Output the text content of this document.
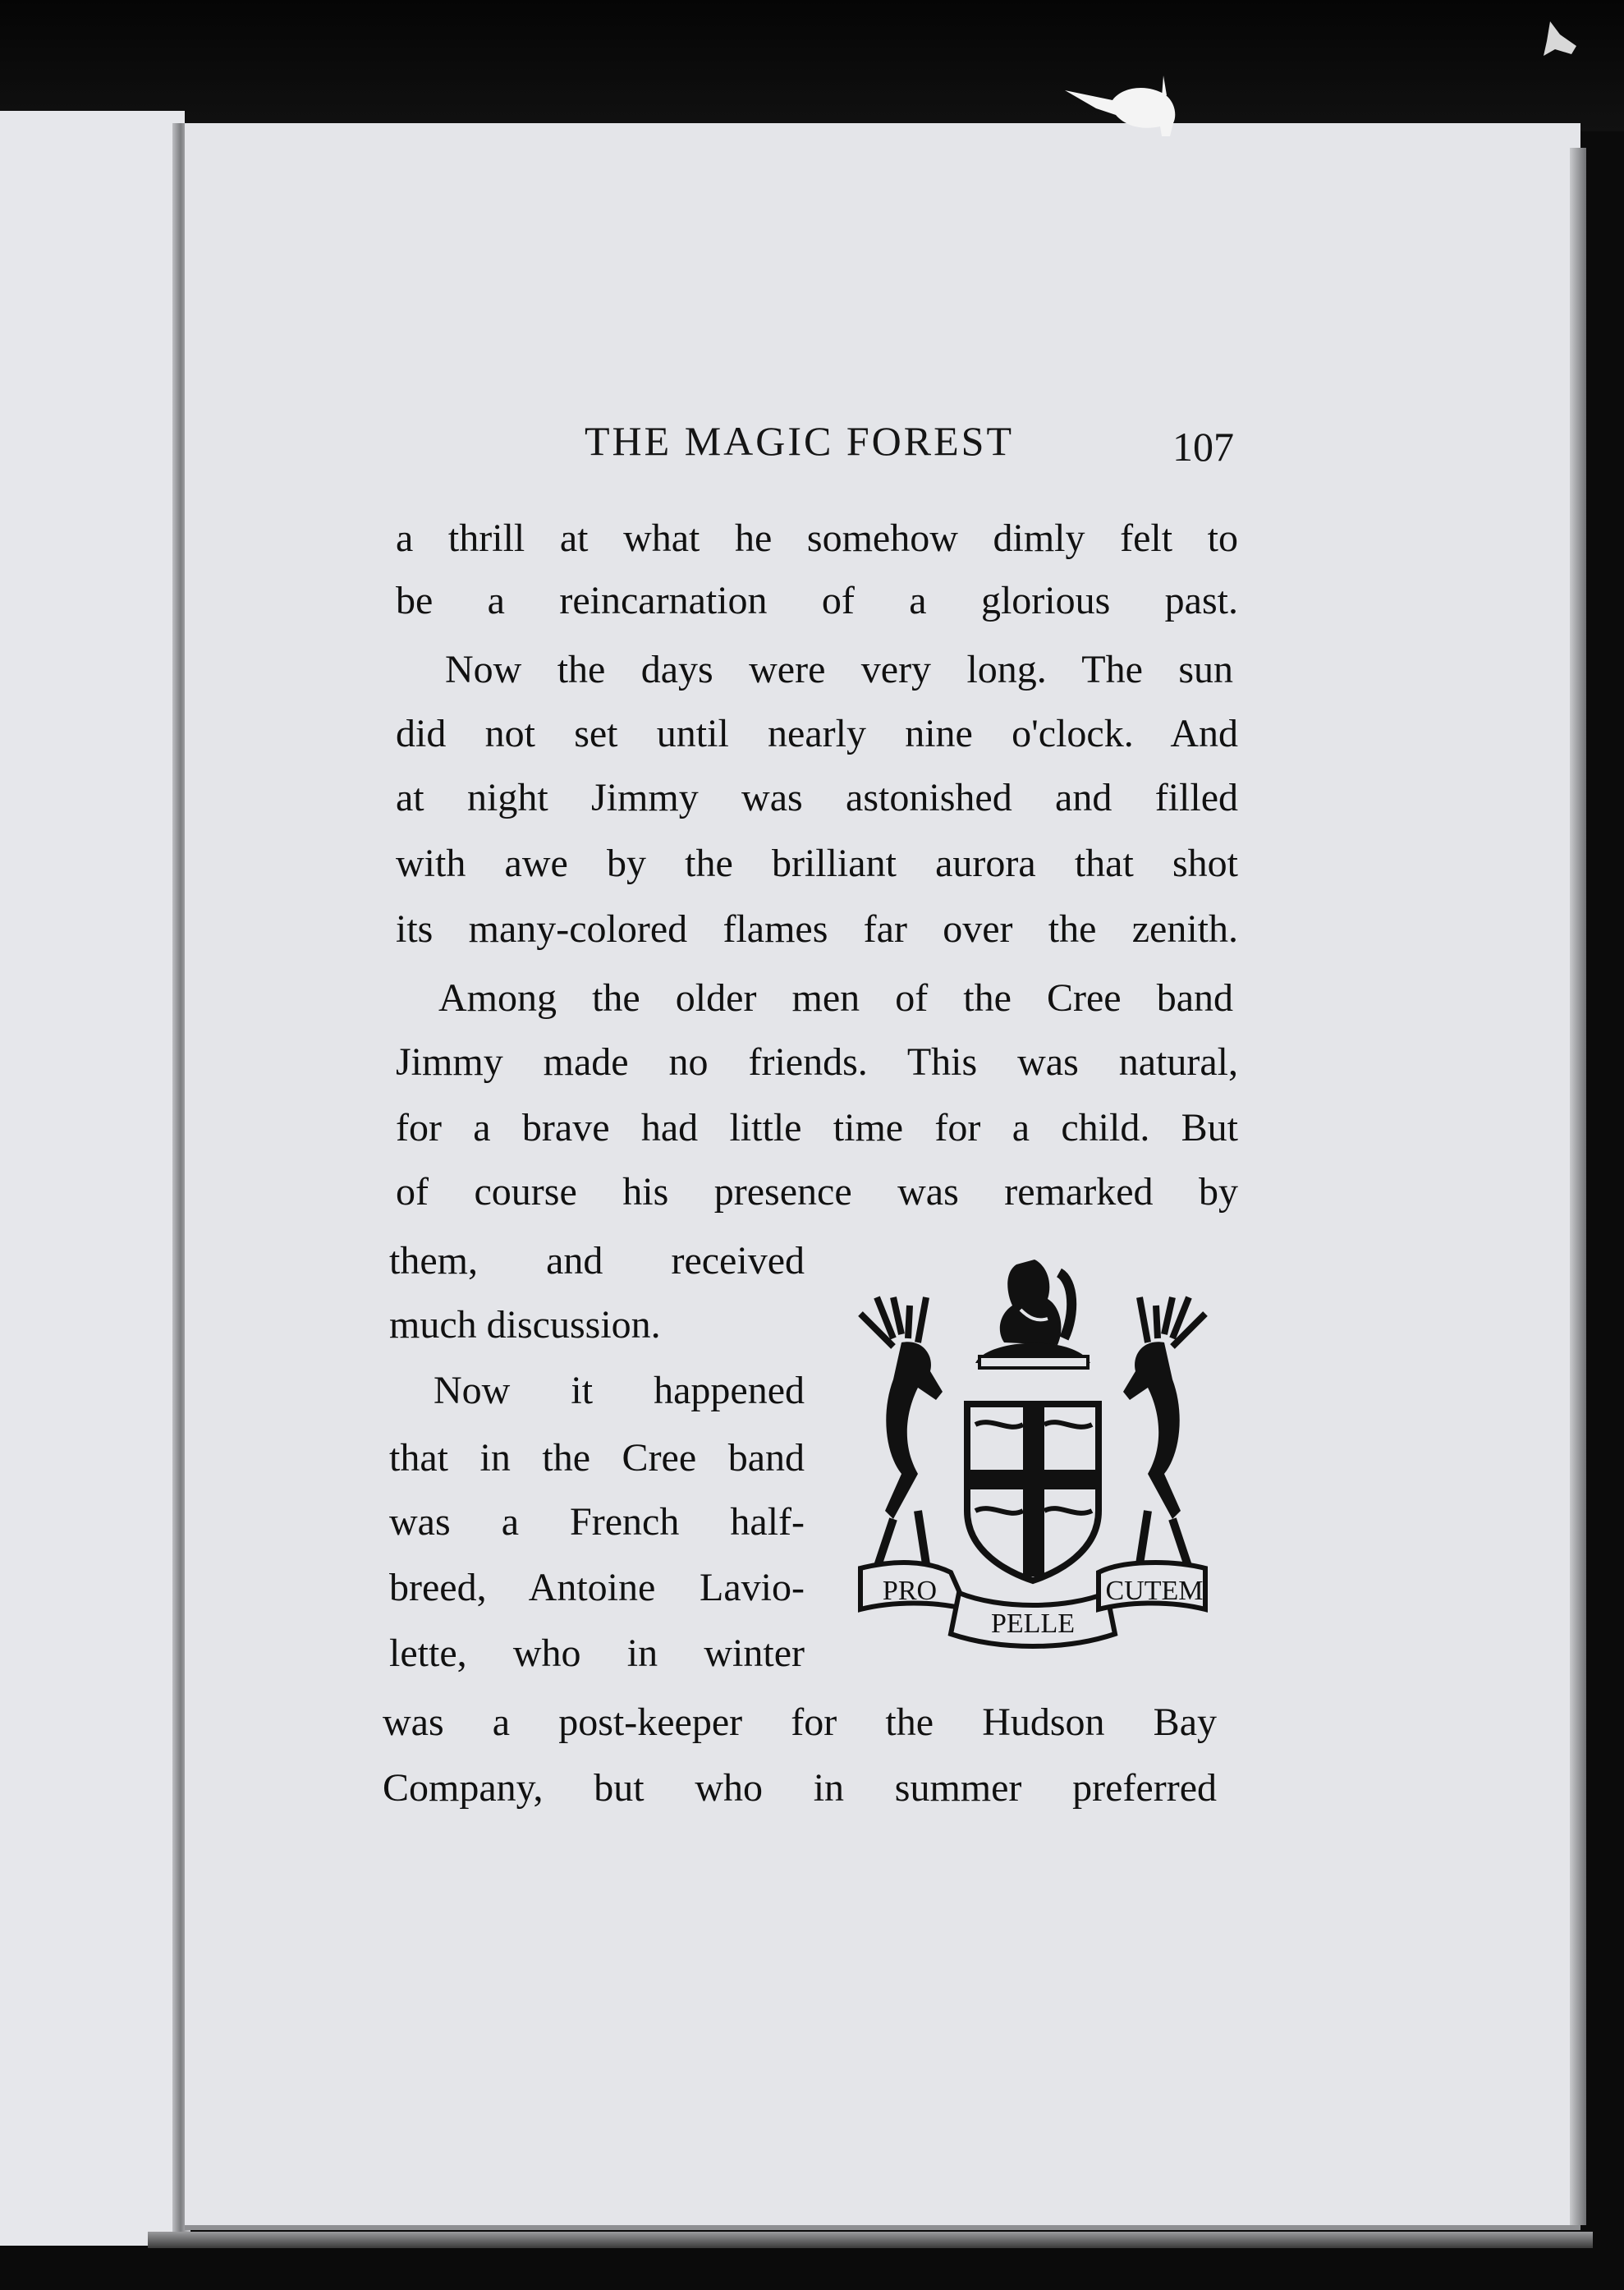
THE MAGIC FOREST	107
a thrill at what he somehow dimly felt to
be a reincarnation of a glorious past.
Now the days were very long. The sun
did not set until nearly nine o'clock. And
at night Jimmy was astonished and filled
with awe by the brilliant aurora that shot
its many-colored flames far over the zenith.
Among the older men of the Cree band
Jimmy made no friends. This was natural,
for a brave had little time for a child. But
of course his presence was remarked by
them, and received
much discussion.
Now it happened
that in the Cree band
was a French half-
breed, Antoine Lavio-
lette, who in winter
was a post-keeper for the Hudson Bay
Company, but who in summer preferred
PRO
PELLE
CUTEM
